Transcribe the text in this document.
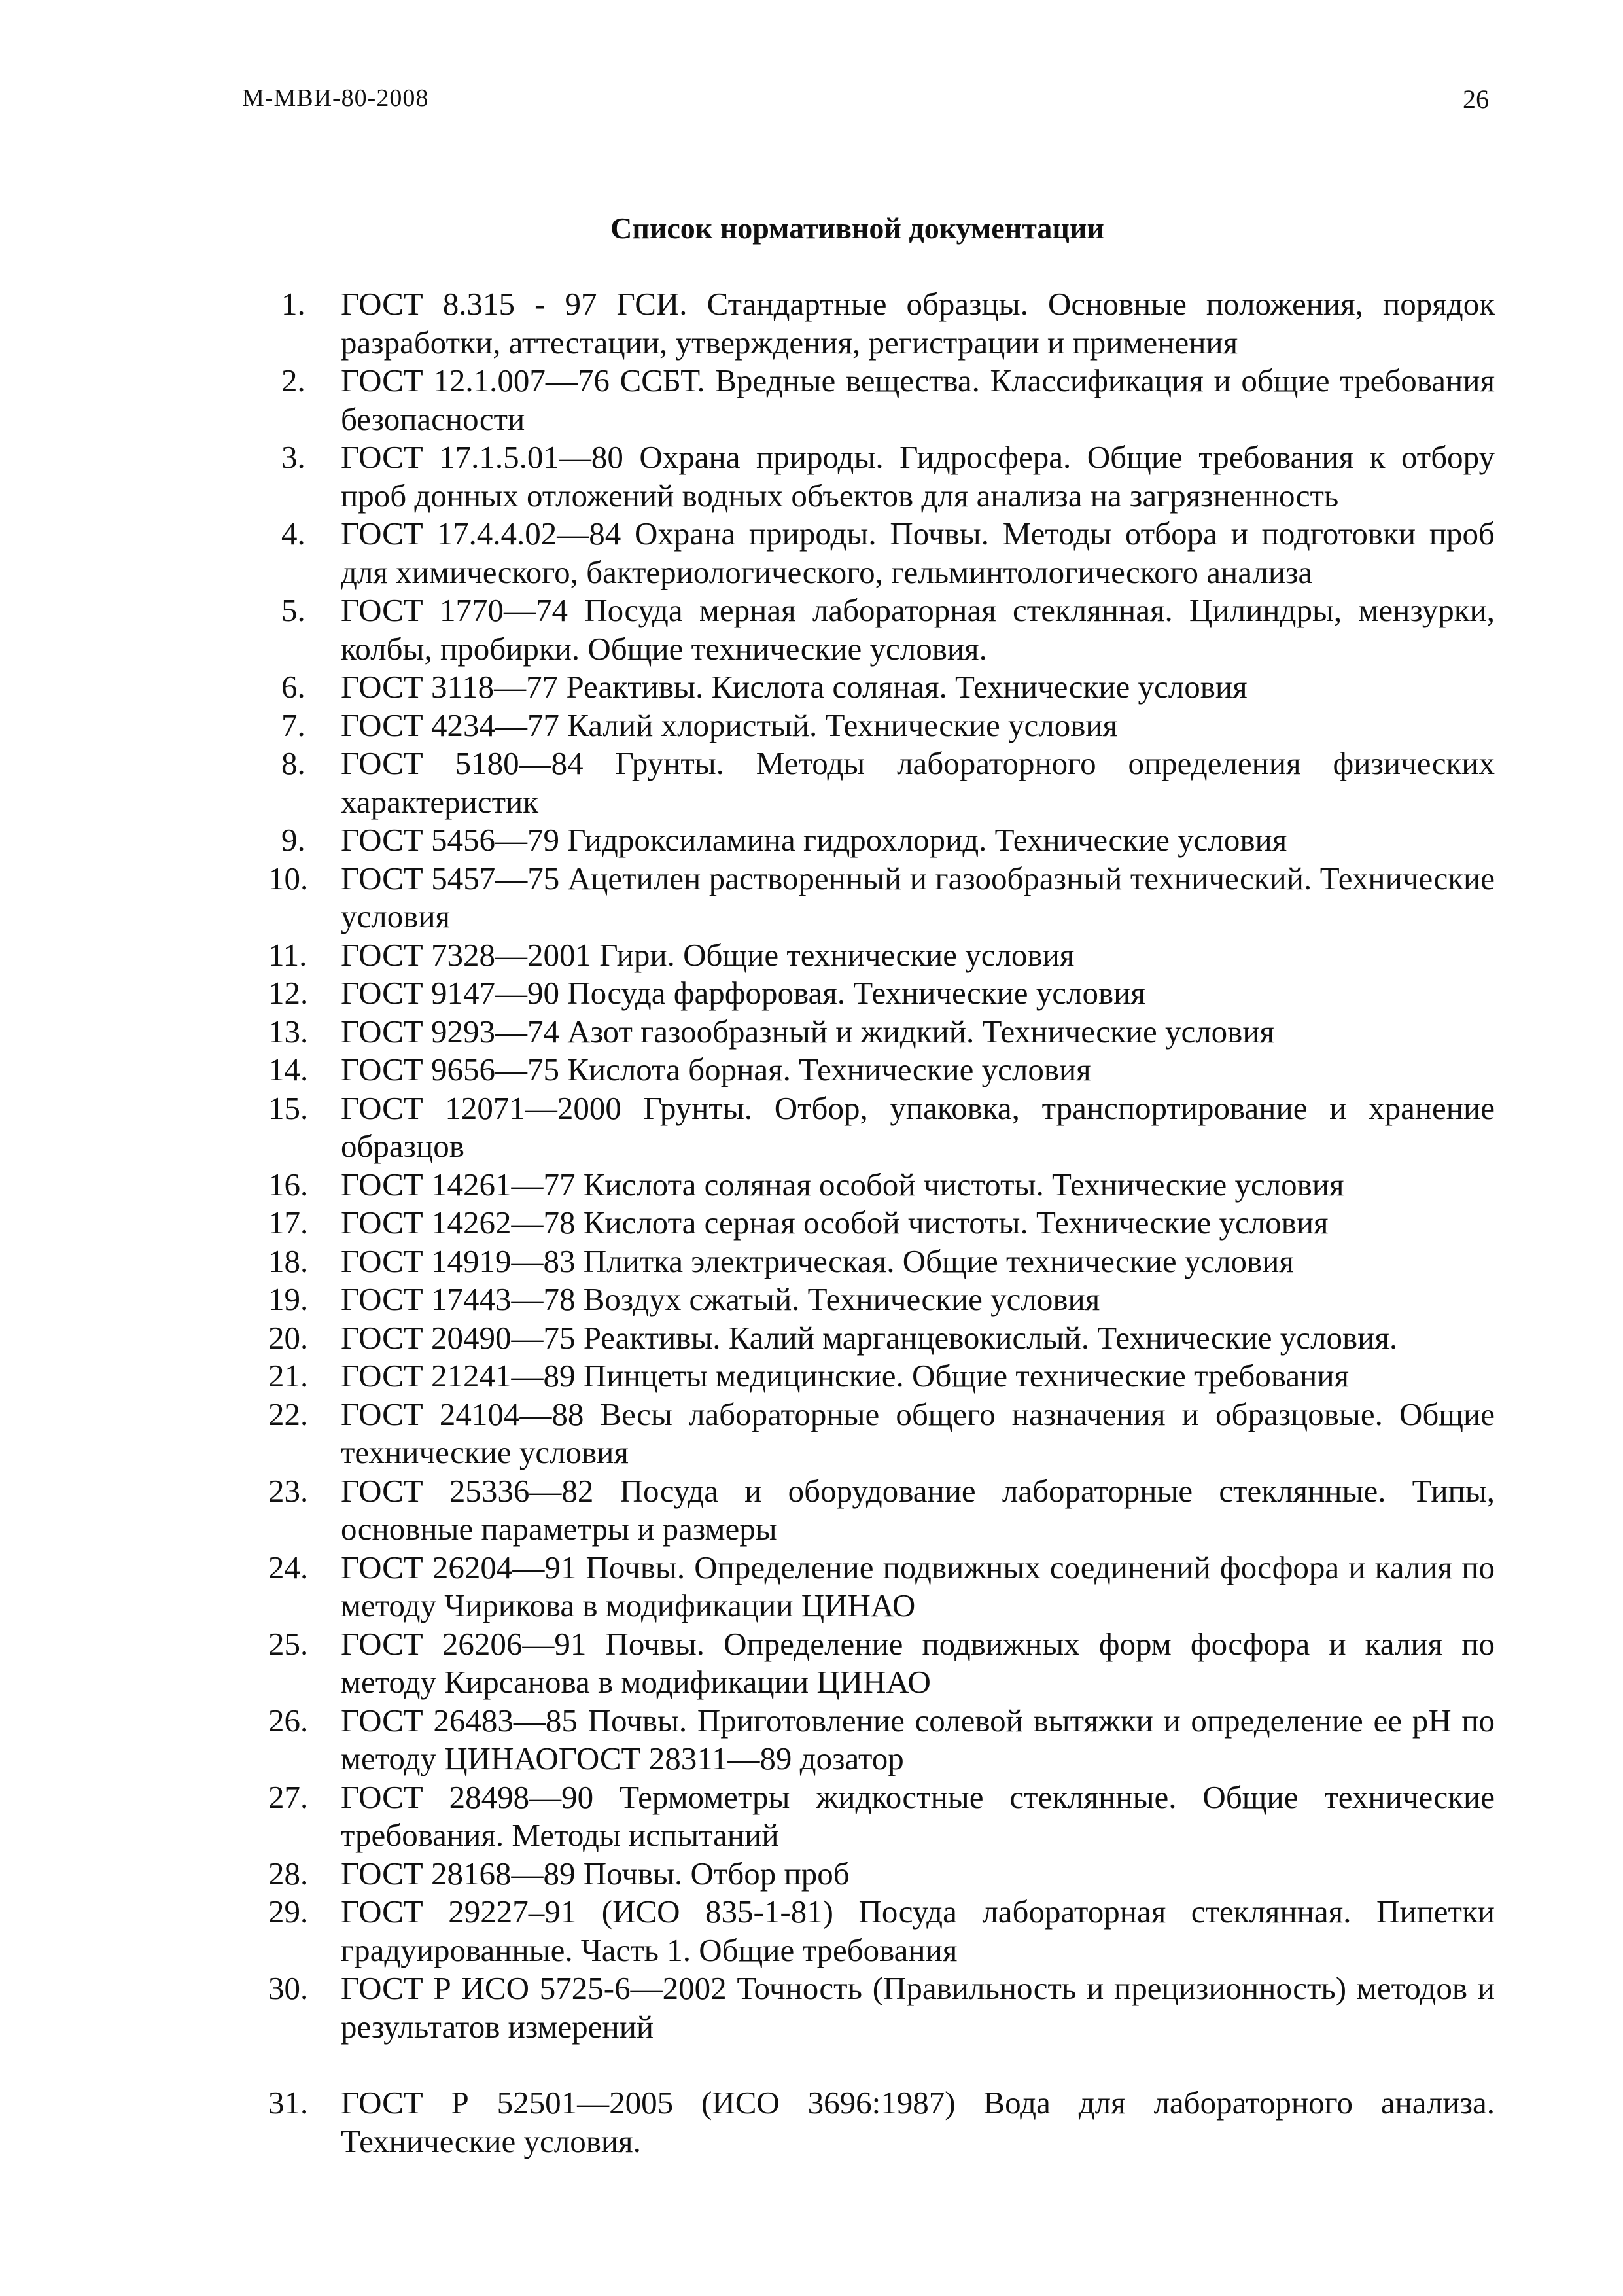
М-МВИ-80-2008	26
Список нормативной документации
1.	ГОСТ 8.315 - 97 ГСИ. Стандартные образцы. Основные положения, порядок разработки, аттестации, утверждения, регистрации и применения
2.	ГОСТ 12.1.007—76 ССБТ. Вредные вещества. Классификация и общие требования безопасности
3.	ГОСТ 17.1.5.01—80 Охрана природы. Гидросфера. Общие требования к отбору проб донных отложений водных объектов для анализа на загрязненность
4.	ГОСТ 17.4.4.02—84 Охрана природы. Почвы. Методы отбора и подготовки проб для химического, бактериологического, гельминтологического анализа
5.	ГОСТ 1770—74 Посуда мерная лабораторная стеклянная. Цилиндры, мензурки, колбы, пробирки. Общие технические условия.
6.	ГОСТ 3118—77 Реактивы. Кислота соляная. Технические условия
7.	ГОСТ 4234—77 Калий хлористый. Технические условия
8.	ГОСТ 5180—84 Грунты. Методы лабораторного определения физических характеристик
9.	ГОСТ 5456—79 Гидроксиламина гидрохлорид. Технические условия
10.	ГОСТ 5457—75 Ацетилен растворенный и газообразный технический. Технические условия
11.	ГОСТ 7328—2001 Гири. Общие технические условия
12.	ГОСТ 9147—90 Посуда фарфоровая. Технические условия
13.	ГОСТ 9293—74 Азот газообразный и жидкий. Технические условия
14.	ГОСТ 9656—75 Кислота борная. Технические условия
15.	ГОСТ 12071—2000 Грунты. Отбор, упаковка, транспортирование и хранение образцов
16.	ГОСТ 14261—77 Кислота соляная особой чистоты. Технические условия
17.	ГОСТ 14262—78 Кислота серная особой чистоты. Технические условия
18.	ГОСТ 14919—83 Плитка электрическая. Общие технические условия
19.	ГОСТ 17443—78 Воздух сжатый. Технические условия
20.	ГОСТ 20490—75 Реактивы. Калий марганцевокислый. Технические условия.
21.	ГОСТ 21241—89 Пинцеты медицинские. Общие технические требования
22.	ГОСТ 24104—88 Весы лабораторные общего назначения и образцовые. Общие технические условия
23.	ГОСТ 25336—82 Посуда и оборудование лабораторные стеклянные. Типы, основные параметры и размеры
24.	ГОСТ 26204—91 Почвы. Определение подвижных соединений фосфора и калия по методу Чирикова в модификации ЦИНАО
25.	ГОСТ 26206—91 Почвы. Определение подвижных форм фосфора и калия по методу Кирсанова в модификации ЦИНАО
26.	ГОСТ 26483—85 Почвы. Приготовление солевой вытяжки и определение ее рН по методу ЦИНАОГОСТ 28311—89 дозатор
27.	ГОСТ 28498—90 Термометры жидкостные стеклянные. Общие технические требования. Методы испытаний
28.	ГОСТ 28168—89 Почвы. Отбор проб
29.	ГОСТ 29227–91 (ИСО 835-1-81) Посуда лабораторная стеклянная. Пипетки градуированные. Часть 1. Общие требования
30.	ГОСТ Р ИСО 5725-6—2002 Точность (Правильность и прецизионность) методов и результатов измерений
31.	ГОСТ Р 52501—2005 (ИСО 3696:1987) Вода для лабораторного анализа. Технические условия.
